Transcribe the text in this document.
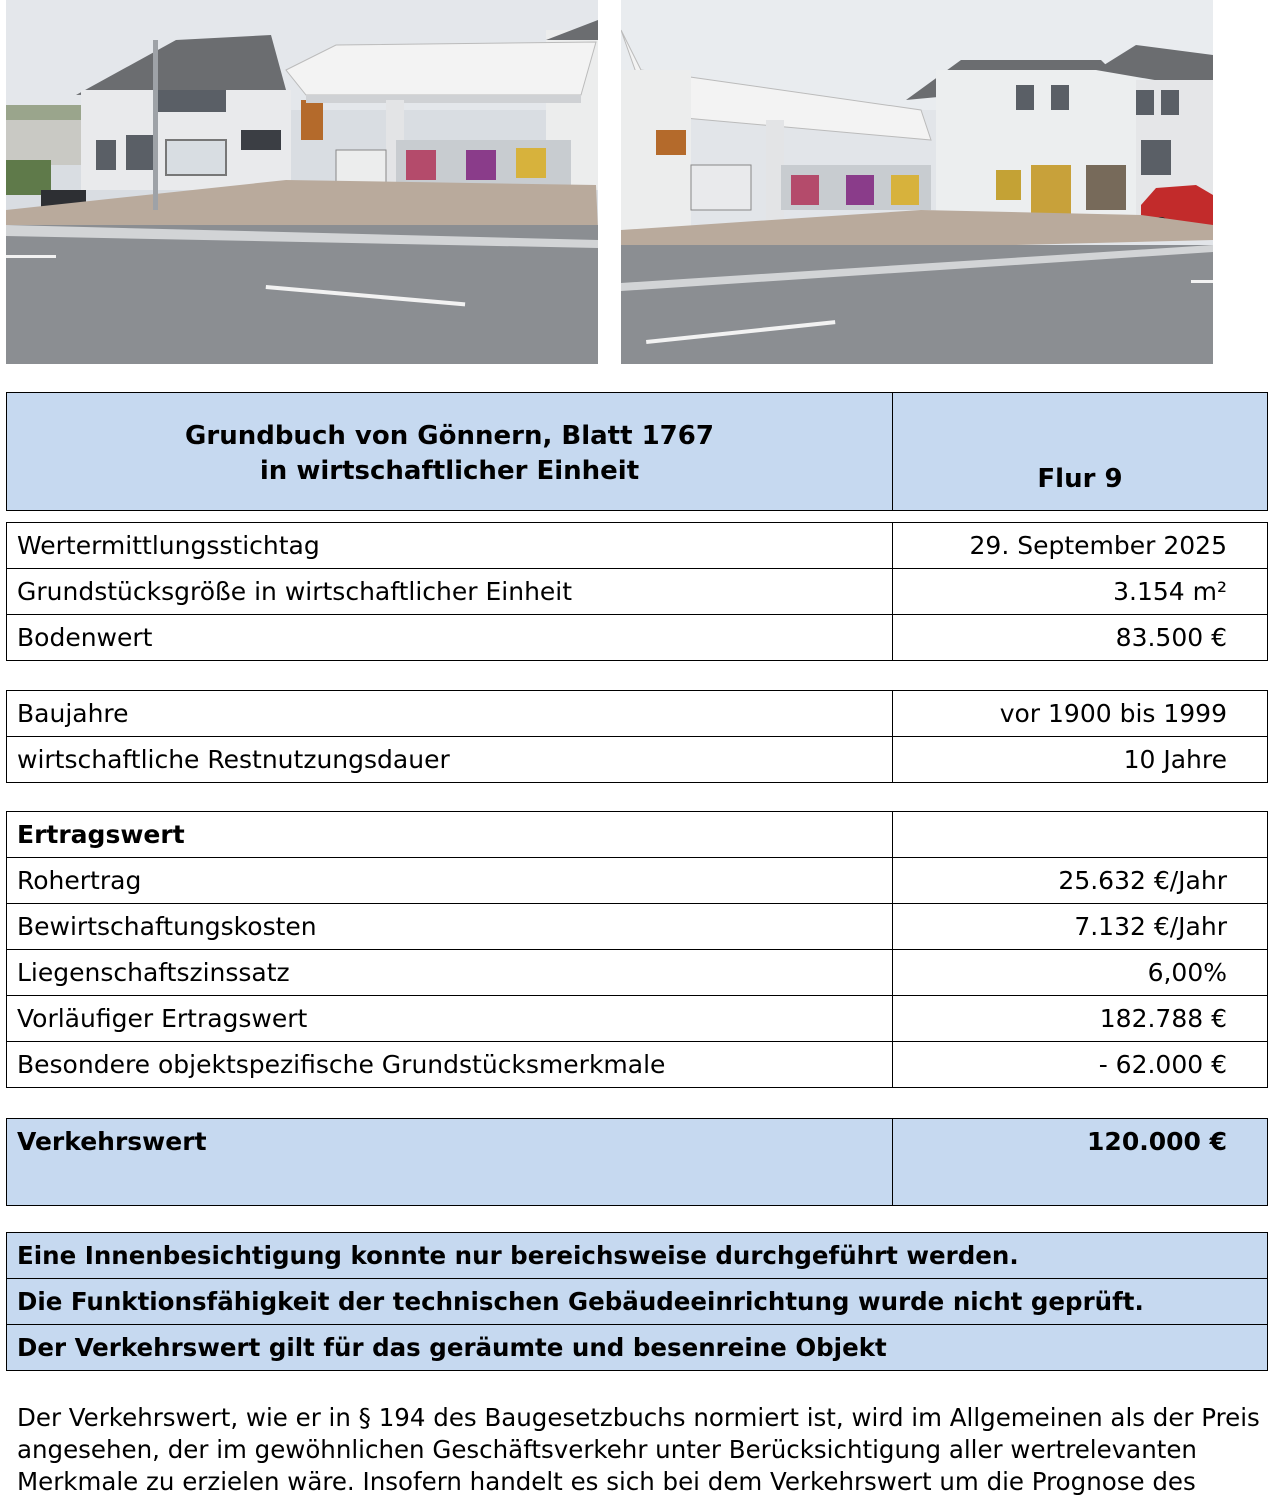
Grundbuch von Gönnern, Blatt 1767
in wirtschaftlicher Einheit	Flur 9
Wertermittlungsstichtag	29. September 2025
Grundstücksgröße in wirtschaftlicher Einheit	3.154 m²
Bodenwert	83.500 €
Baujahre	vor 1900 bis 1999
wirtschaftliche Restnutzungsdauer	10 Jahre
Ertragswert	
Rohertrag	25.632 €/Jahr
Bewirtschaftungskosten	7.132 €/Jahr
Liegenschaftszinssatz	6,00%
Vorläufiger Ertragswert	182.788 €
Besondere objektspezifische Grundstücksmerkmale	- 62.000 €
Verkehrswert	120.000 €
Eine Innenbesichtigung konnte nur bereichsweise durchgeführt werden.
Die Funktionsfähigkeit der technischen Gebäudeeinrichtung wurde nicht geprüft.
Der Verkehrswert gilt für das geräumte und besenreine Objekt

Der Verkehrswert, wie er in § 194 des Baugesetzbuchs normiert ist, wird im Allgemeinen als der Preis angesehen, der im gewöhnlichen Geschäftsverkehr unter Berücksichtigung aller wertrelevanten Merkmale zu erzielen wäre. Insofern handelt es sich bei dem Verkehrswert um die Prognose des
